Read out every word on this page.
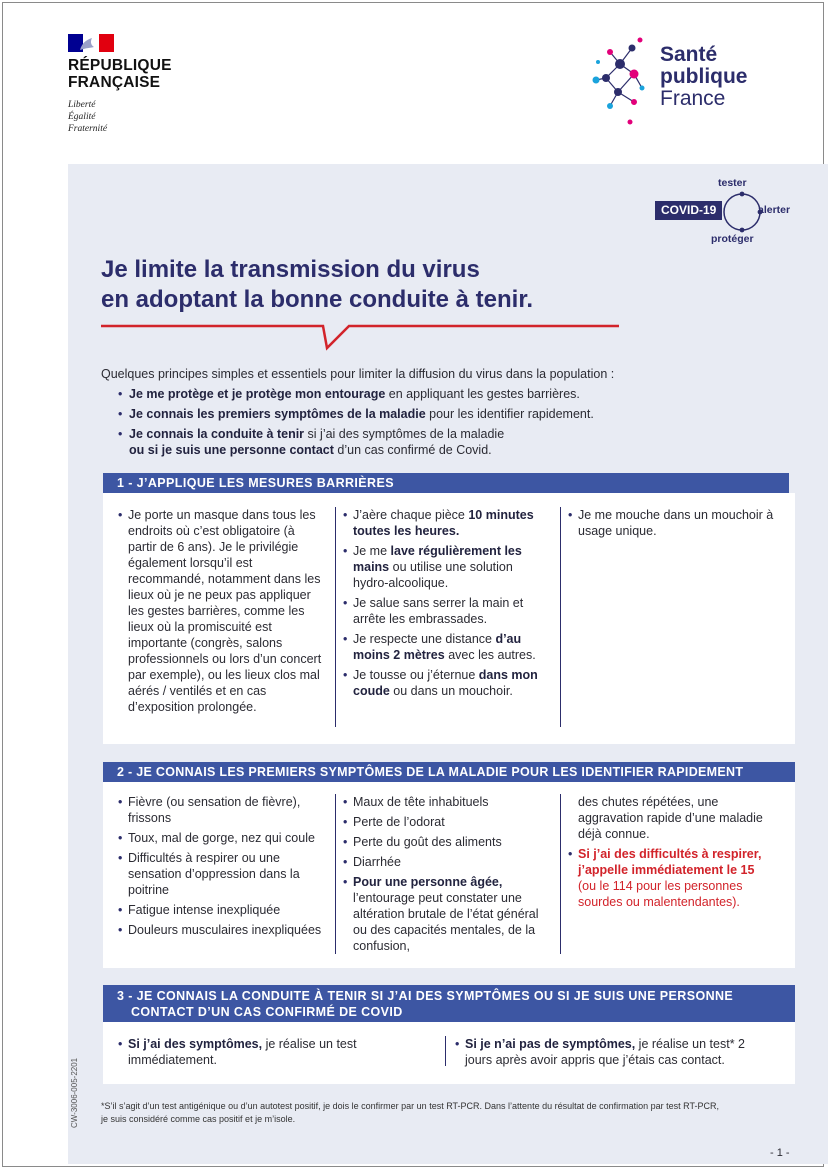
RÉPUBLIQUE
FRANÇAISE
Liberté
Égalité
Fraternité
Santé
publique
France
COVID-19
tester
alerter
protéger
Je limite la transmission du virus
en adoptant la bonne conduite à tenir.
Quelques principes simples et essentiels pour limiter la diffusion du virus dans la population :
• Je me protège et je protège mon entourage en appliquant les gestes barrières.
• Je connais les premiers symptômes de la maladie pour les identifier rapidement.
• Je connais la conduite à tenir si j’ai des symptômes de la maladie
ou si je suis une personne contact d’un cas confirmé de Covid.
1 - J’APPLIQUE LES MESURES BARRIÈRES
• Je porte un masque dans tous les endroits où c’est obligatoire (à partir de 6 ans). Je le privilégie également lorsqu’il est recommandé, notamment dans les lieux où je ne peux pas appliquer les gestes barrières, comme les lieux où la promiscuité est importante (congrès, salons professionnels ou lors d’un concert par exemple), ou les lieux clos mal aérés / ventilés et en cas d’exposition prolongée.
• J’aère chaque pièce 10 minutes toutes les heures.
• Je me lave régulièrement les mains ou utilise une solution hydro-alcoolique.
• Je salue sans serrer la main et arrête les embrassades.
• Je respecte une distance d’au moins 2 mètres avec les autres.
• Je tousse ou j’éternue dans mon coude ou dans un mouchoir.
• Je me mouche dans un mouchoir à usage unique.
2 - JE CONNAIS LES PREMIERS SYMPTÔMES DE LA MALADIE POUR LES IDENTIFIER RAPIDEMENT
• Fièvre (ou sensation de fièvre), frissons
• Toux, mal de gorge, nez qui coule
• Difficultés à respirer ou une sensation d’oppression dans la poitrine
• Fatigue intense inexpliquée
• Douleurs musculaires inexpliquées
• Maux de tête inhabituels
• Perte de l’odorat
• Perte du goût des aliments
• Diarrhée
• Pour une personne âgée, l’entourage peut constater une altération brutale de l’état général ou des capacités mentales, de la confusion,
des chutes répétées, une aggravation rapide d’une maladie déjà connue.
• Si j’ai des difficultés à respirer, j’appelle immédiatement le 15 (ou le 114 pour les personnes sourdes ou malentendantes).
3 - JE CONNAIS LA CONDUITE À TENIR SI J’AI DES SYMPTÔMES OU SI JE SUIS UNE PERSONNE
CONTACT D’UN CAS CONFIRMÉ DE COVID
• Si j’ai des symptômes, je réalise un test immédiatement.
• Si je n’ai pas de symptômes, je réalise un test* 2 jours après avoir appris que j’étais cas contact.
*S’il s’agit d’un test antigénique ou d’un autotest positif, je dois le confirmer par un test RT-PCR. Dans l’attente du résultat de confirmation par test RT-PCR, je suis considéré comme cas positif et je m’isole.
CW-3006-005-2201
- 1 -
